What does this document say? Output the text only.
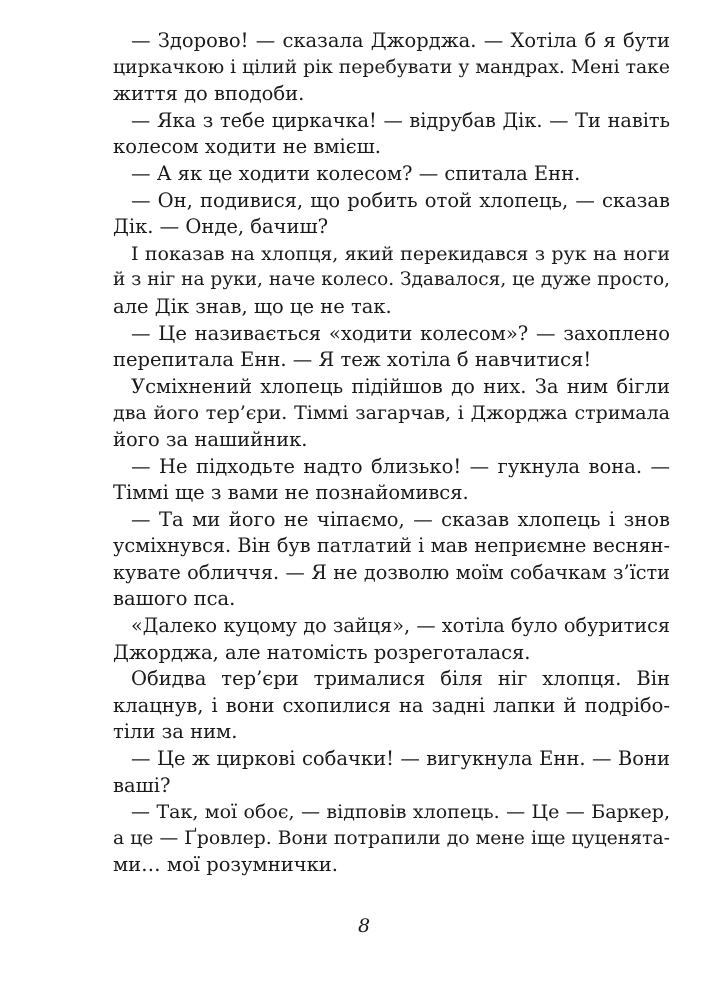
— Здорово! — сказала Джорджа. — Хотіла б я бути
циркачкою і цілий рік перебувати у мандрах. Мені таке
життя до вподоби.
— Яка з тебе циркачка! — відрубав Дік. — Ти навіть
колесом ходити не вмієш.
— А як це ходити колесом? — спитала Енн.
— Он, подивися, що робить отой хлопець, — сказав
Дік. — Онде, бачиш?
І показав на хлопця, який перекидався з рук на ноги
й з ніг на руки, наче колесо. Здавалося, це дуже просто,
але Дік знав, що це не так.
— Це називається «ходити колесом»? — захоплено
перепитала Енн. — Я теж хотіла б навчитися!
Усміхнений хлопець підійшов до них. За ним бігли
два його тер’єри. Тіммі загарчав, і Джорджа стримала
його за нашийник.
— Не підходьте надто близько! — гукнула вона. —
Тіммі ще з вами не познайомився.
— Та ми його не чіпаємо, — сказав хлопець і знов
усміхнувся. Він був патлатий і мав неприємне веснян-
кувате обличчя. — Я не дозволю моїм собачкам з’їсти
вашого пса.
«Далеко куцому до зайця», — хотіла було обуритися
Джорджа, але натомість розреготалася.
Обидва тер’єри трималися біля ніг хлопця. Він
клацнув, і вони схопилися на задні лапки й подрібо-
тіли за ним.
— Це ж циркові собачки! — вигукнула Енн. — Вони
ваші?
— Так, мої обоє, — відповів хлопець. — Це — Баркер,
а це — Ґровлер. Вони потрапили до мене іще цуценята-
ми… мої розумнички.
8
